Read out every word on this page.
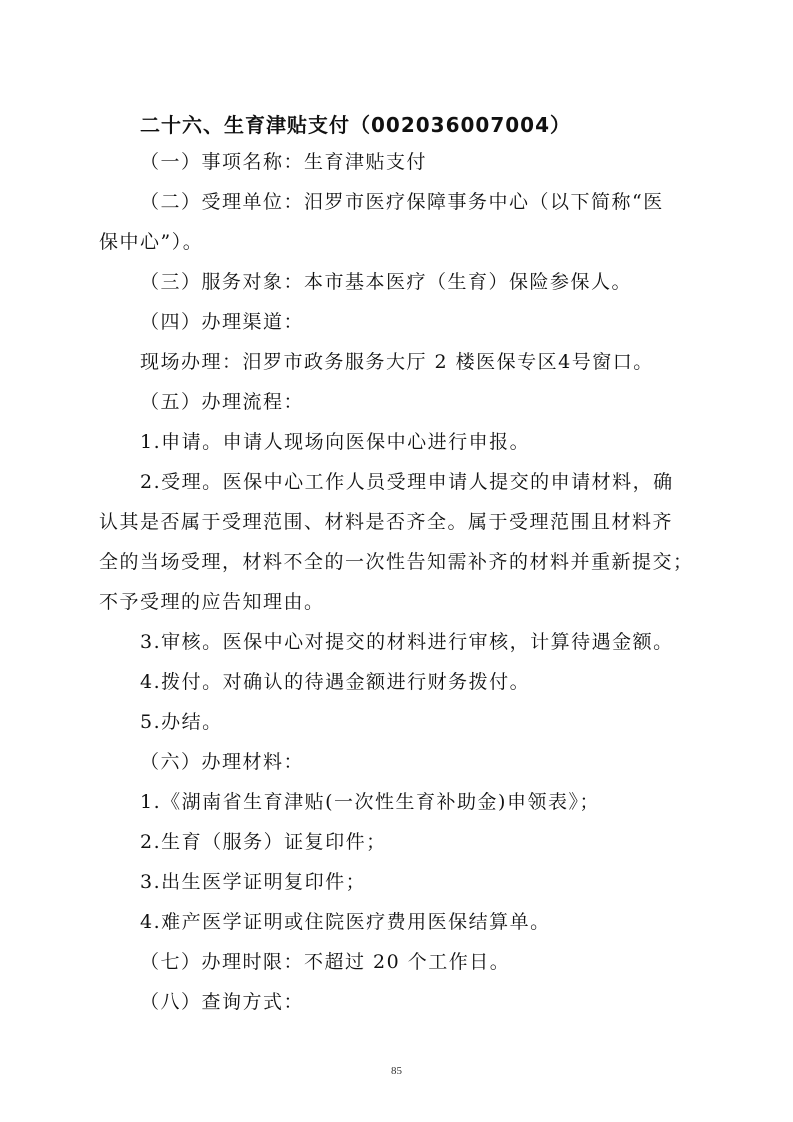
二十六、生育津贴支付（002036007004）
（一）事项名称：生育津贴支付
（二）受理单位：汨罗市医疗保障事务中心（以下简称“医
保中心”）。
（三）服务对象：本市基本医疗（生育）保险参保人。
（四）办理渠道：
现场办理：汨罗市政务服务大厅 2 楼医保专区4号窗口。
（五）办理流程：
1.申请。申请人现场向医保中心进行申报。
2.受理。医保中心工作人员受理申请人提交的申请材料，确
认其是否属于受理范围、材料是否齐全。属于受理范围且材料齐
全的当场受理，材料不全的一次性告知需补齐的材料并重新提交；
不予受理的应告知理由。
3.审核。医保中心对提交的材料进行审核，计算待遇金额。
4.拨付。对确认的待遇金额进行财务拨付。
5.办结。
（六）办理材料：
1.《湖南省生育津贴(一次性生育补助金)申领表》；
2.生育（服务）证复印件；
3.出生医学证明复印件；
4.难产医学证明或住院医疗费用医保结算单。
（七）办理时限：不超过 20 个工作日。
（八）查询方式：
85
